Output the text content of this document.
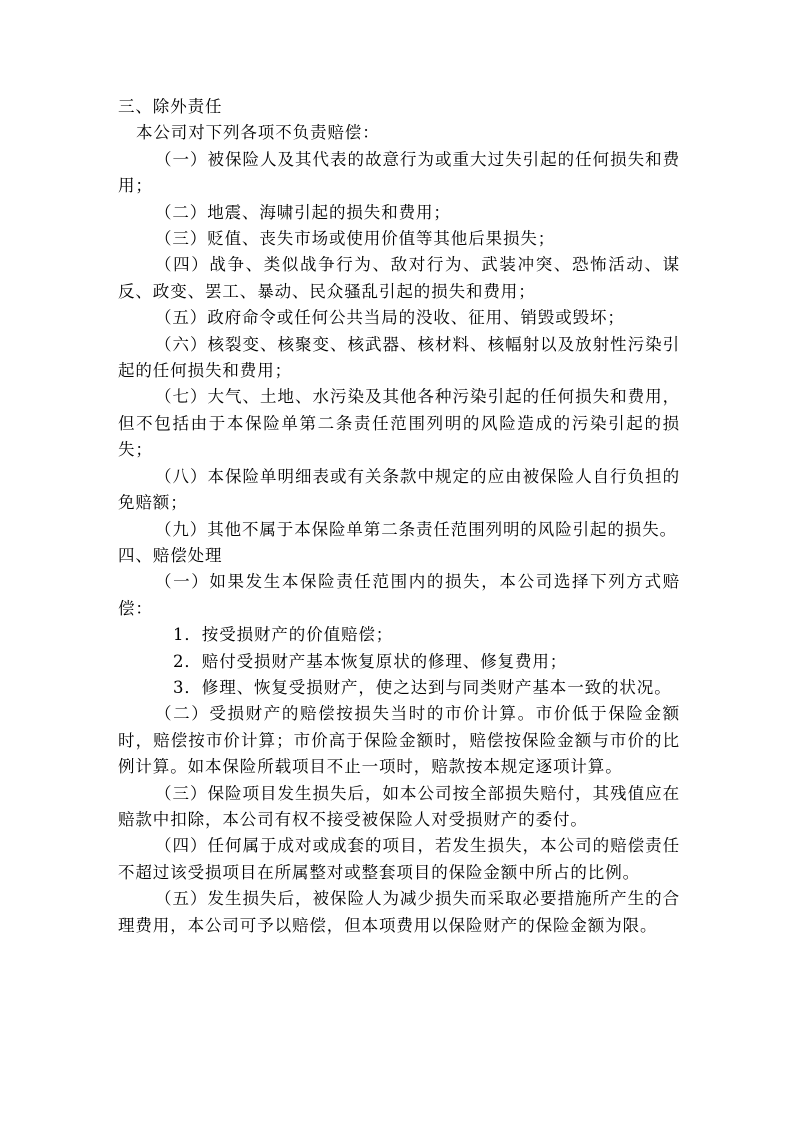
三、除外责任

本公司对下列各项不负责赔偿：

（一）被保险人及其代表的故意行为或重大过失引起的任何损失和费用；

（二）地震、海啸引起的损失和费用；

（三）贬值、丧失市场或使用价值等其他后果损失；

（四）战争、类似战争行为、敌对行为、武装冲突、恐怖活动、谋反、政变、罢工、暴动、民众骚乱引起的损失和费用；

（五）政府命令或任何公共当局的没收、征用、销毁或毁坏；

（六）核裂变、核聚变、核武器、核材料、核幅射以及放射性污染引起的任何损失和费用；

（七）大气、土地、水污染及其他各种污染引起的任何损失和费用，但不包括由于本保险单第二条责任范围列明的风险造成的污染引起的损失；

（八）本保险单明细表或有关条款中规定的应由被保险人自行负担的免赔额；

（九）其他不属于本保险单第二条责任范围列明的风险引起的损失。

四、赔偿处理

（一）如果发生本保险责任范围内的损失，本公司选择下列方式赔偿：

1．按受损财产的价值赔偿；

2．赔付受损财产基本恢复原状的修理、修复费用；

3．修理、恢复受损财产，使之达到与同类财产基本一致的状况。

（二）受损财产的赔偿按损失当时的市价计算。市价低于保险金额时，赔偿按市价计算；市价高于保险金额时，赔偿按保险金额与市价的比例计算。如本保险所载项目不止一项时，赔款按本规定逐项计算。

（三）保险项目发生损失后，如本公司按全部损失赔付，其残值应在赔款中扣除，本公司有权不接受被保险人对受损财产的委付。

（四）任何属于成对或成套的项目，若发生损失，本公司的赔偿责任不超过该受损项目在所属整对或整套项目的保险金额中所占的比例。

（五）发生损失后，被保险人为减少损失而采取必要措施所产生的合理费用，本公司可予以赔偿，但本项费用以保险财产的保险金额为限。
